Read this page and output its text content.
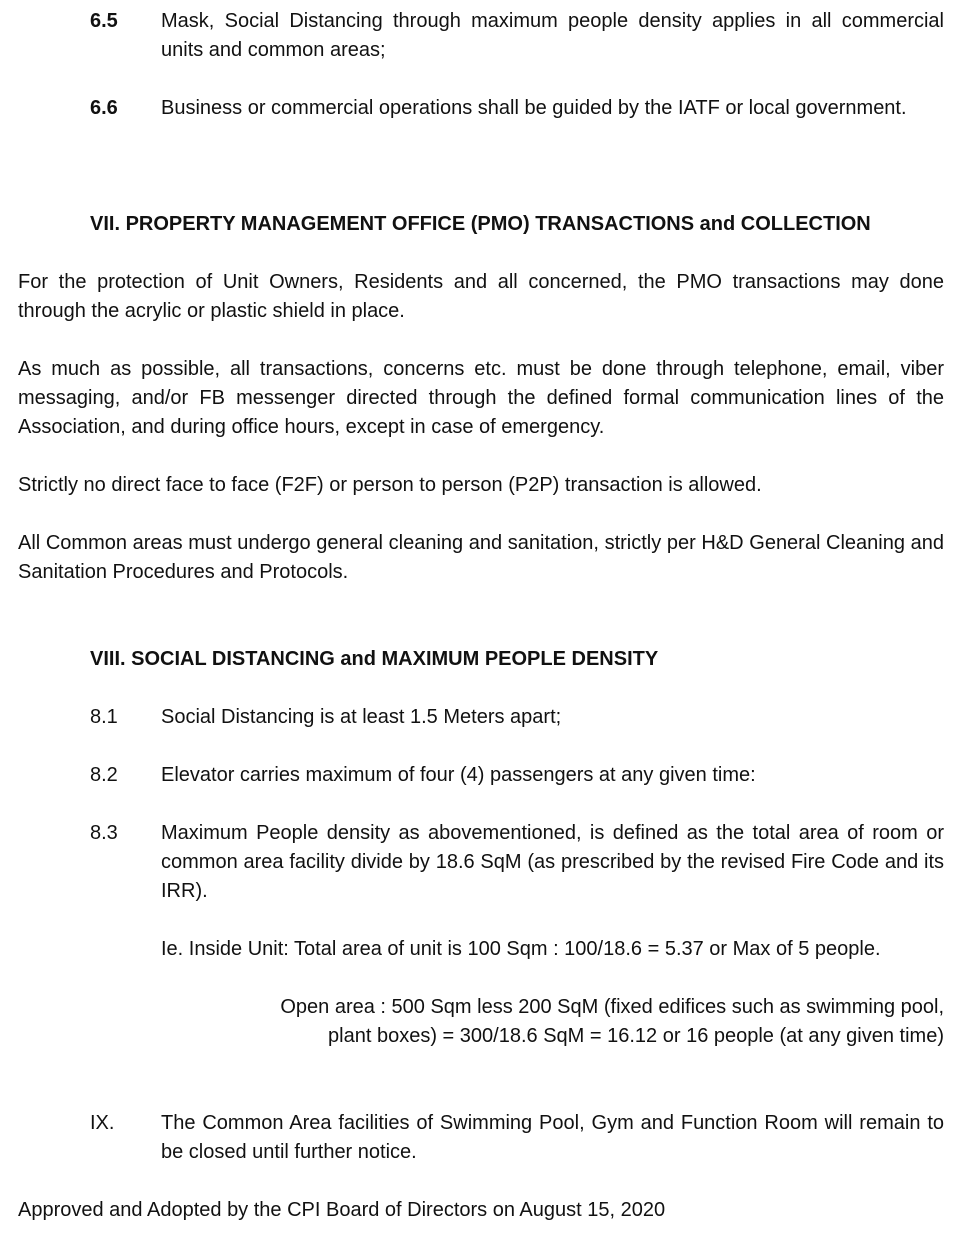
6.5	Mask, Social Distancing through maximum people density applies in all commercial units and common areas;
6.6	Business or commercial operations shall be guided by the IATF or local government.
VII. PROPERTY MANAGEMENT OFFICE (PMO) TRANSACTIONS and COLLECTION
For the protection of Unit Owners, Residents and all concerned, the PMO transactions may done through the acrylic or plastic shield in place.
As much as possible, all transactions, concerns etc. must be done through telephone, email, viber messaging, and/or FB messenger directed through the defined formal communication lines of the Association, and during office hours, except in case of emergency.
Strictly no direct face to face (F2F) or person to person (P2P) transaction is allowed.
All Common areas must undergo general cleaning and sanitation, strictly per H&D General Cleaning and Sanitation Procedures and Protocols.
VIII. SOCIAL DISTANCING and MAXIMUM PEOPLE DENSITY
8.1	Social Distancing is at least 1.5 Meters apart;
8.2	Elevator carries maximum of four (4) passengers at any given time:
8.3	Maximum People density as abovementioned, is defined as the total area of room or common area facility divide by 18.6 SqM (as prescribed by the revised Fire Code and its IRR).
Ie. Inside Unit: Total area of unit is 100 Sqm : 100/18.6 = 5.37 or Max of 5 people.
Open area : 500 Sqm less 200 SqM (fixed edifices such as swimming pool,
plant boxes) = 300/18.6 SqM = 16.12 or 16 people (at any given time)
IX.	The Common Area facilities of Swimming Pool, Gym and Function Room will remain to be closed until further notice.
Approved and Adopted by the CPI Board of Directors on August 15, 2020
